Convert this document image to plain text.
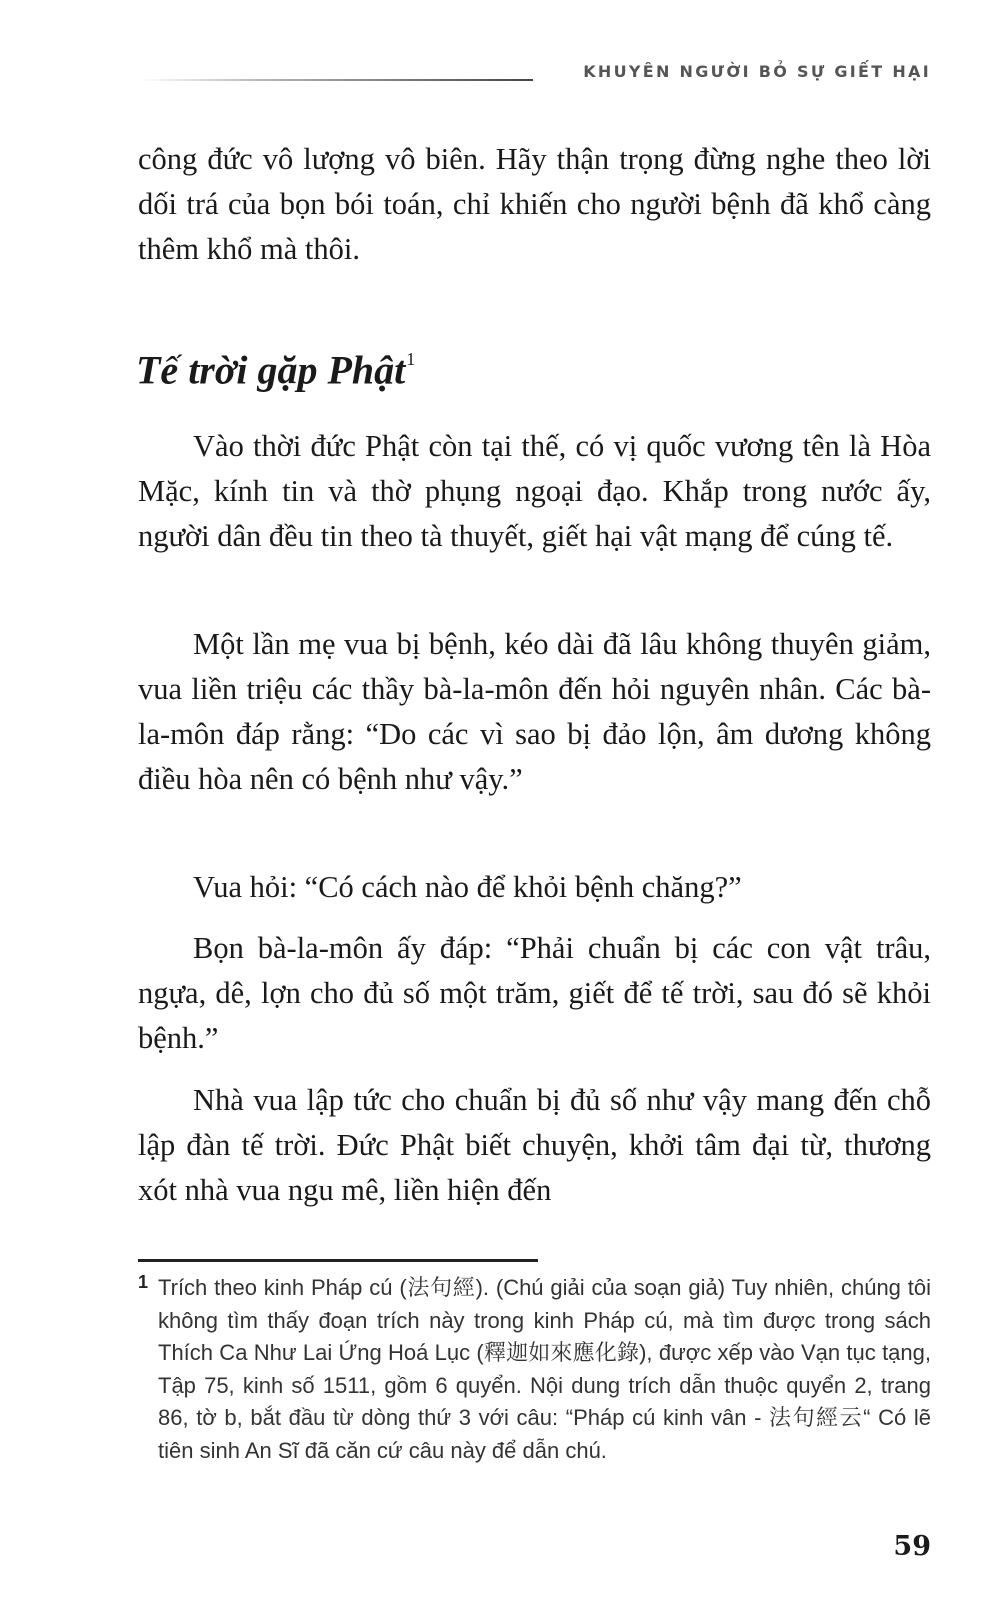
KHUYÊN NGƯỜI BỎ SỰ GIẾT HẠI

công đức vô lượng vô biên. Hãy thận trọng đừng nghe theo lời dối trá của bọn bói toán, chỉ khiến cho người bệnh đã khổ càng thêm khổ mà thôi.

Tế trời gặp Phật$^1$

Vào thời đức Phật còn tại thế, có vị quốc vương tên là Hòa Mặc, kính tin và thờ phụng ngoại đạo. Khắp trong nước ấy, người dân đều tin theo tà thuyết, giết hại vật mạng để cúng tế.

Một lần mẹ vua bị bệnh, kéo dài đã lâu không thuyên giảm, vua liền triệu các thầy bà-la-môn đến hỏi nguyên nhân. Các bà-la-môn đáp rằng: “Do các vì sao bị đảo lộn, âm dương không điều hòa nên có bệnh như vậy.”

Vua hỏi: “Có cách nào để khỏi bệnh chăng?”

Bọn bà-la-môn ấy đáp: “Phải chuẩn bị các con vật trâu, ngựa, dê, lợn cho đủ số một trăm, giết để tế trời, sau đó sẽ khỏi bệnh.”

Nhà vua lập tức cho chuẩn bị đủ số như vậy mang đến chỗ lập đàn tế trời. Đức Phật biết chuyện, khởi tâm đại từ, thương xót nhà vua ngu mê, liền hiện đến

1 Trích theo kinh Pháp cú (法句經). (Chú giải của soạn giả) Tuy nhiên, chúng tôi không tìm thấy đoạn trích này trong kinh Pháp cú, mà tìm được trong sách Thích Ca Như Lai Ứng Hoá Lục (釋迦如來應化錄), được xếp vào Vạn tục tạng, Tập 75, kinh số 1511, gồm 6 quyển. Nội dung trích dẫn thuộc quyển 2, trang 86, tờ b, bắt đầu từ dòng thứ 3 với câu: “Pháp cú kinh vân - 法句經云“ Có lẽ tiên sinh An Sĩ đã căn cứ câu này để dẫn chú.

59
